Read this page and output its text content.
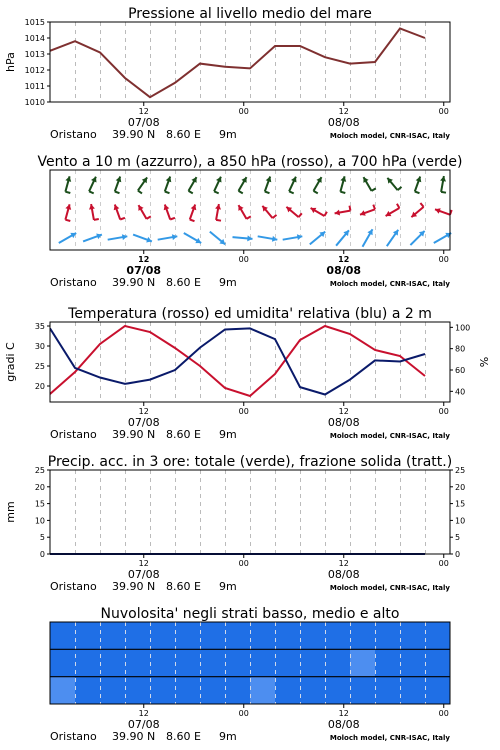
Pressione al livello medio del mare
1010
1011
1012
1013
1014
1015
hPa
12	00	12	00
07/08	08/08
Oristano 39.90 N 8.60 E 9m	Moloch model, CNR-ISAC, Italy
Vento a 10 m (azzurro), a 850 hPa (rosso), a 700 hPa (verde)
12	00	12	00
07/08	08/08
Oristano 39.90 N 8.60 E 9m	Moloch model, CNR-ISAC, Italy
Temperatura (rosso) ed umidita' relativa (blu) a 2 m
20
25
30
35
40
60
80
100
gradi C	%
12	00	12	00
07/08	08/08
Oristano 39.90 N 8.60 E 9m	Moloch model, CNR-ISAC, Italy
Precip. acc. in 3 ore: totale (verde), frazione solida (tratt.)
0
5
10
15
20
25
0
5
10
15
20
25
mm
12	00	12	00
07/08	08/08
Oristano 39.90 N 8.60 E 9m	Moloch model, CNR-ISAC, Italy
Nuvolosita' negli strati basso, medio e alto
12	00	12	00
07/08	08/08
Oristano 39.90 N 8.60 E 9m	Moloch model, CNR-ISAC, Italy
